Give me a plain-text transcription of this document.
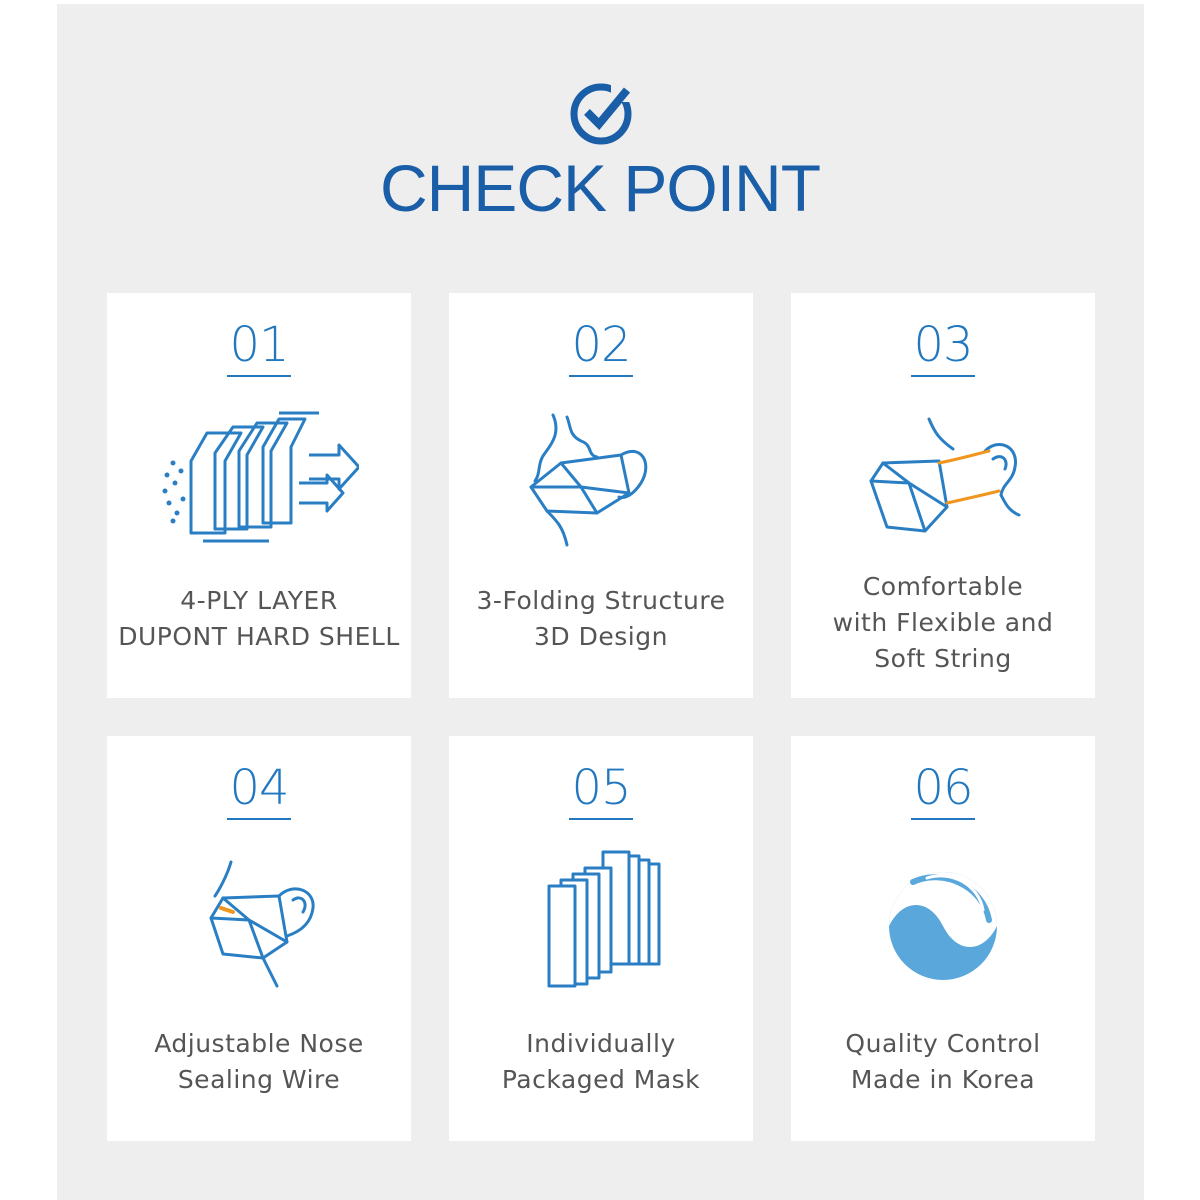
CHECK POINT
01
4-PLY LAYER
DUPONT HARD SHELL
02
3-Folding Structure
3D Design
03
Comfortable
with Flexible and
Soft String
04
Adjustable Nose
Sealing Wire
05
Individually
Packaged Mask
06
Quality Control
Made in Korea
